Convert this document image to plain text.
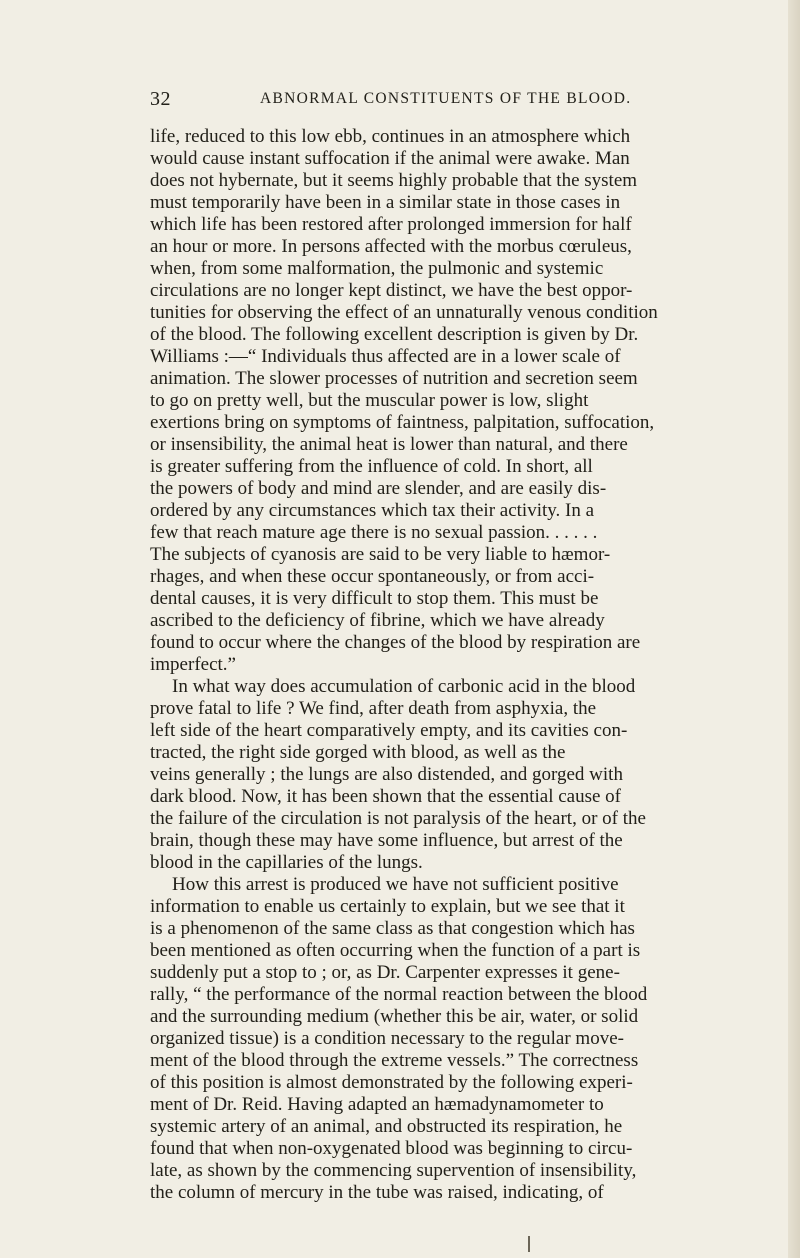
32	ABNORMAL CONSTITUENTS OF THE BLOOD.
life, reduced to this low ebb, continues in an atmosphere which
would cause instant suffocation if the animal were awake. Man
does not hybernate, but it seems highly probable that the system
must temporarily have been in a similar state in those cases in
which life has been restored after prolonged immersion for half
an hour or more. In persons affected with the morbus cœruleus,
when, from some malformation, the pulmonic and systemic
circulations are no longer kept distinct, we have the best oppor-
tunities for observing the effect of an unnaturally venous condition
of the blood. The following excellent description is given by Dr.
Williams :—“ Individuals thus affected are in a lower scale of
animation. The slower processes of nutrition and secretion seem
to go on pretty well, but the muscular power is low, slight
exertions bring on symptoms of faintness, palpitation, suffocation,
or insensibility, the animal heat is lower than natural, and there
is greater suffering from the influence of cold. In short, all
the powers of body and mind are slender, and are easily dis-
ordered by any circumstances which tax their activity. In a
few that reach mature age there is no sexual passion. . . . . .
The subjects of cyanosis are said to be very liable to hæmor-
rhages, and when these occur spontaneously, or from acci-
dental causes, it is very difficult to stop them. This must be
ascribed to the deficiency of fibrine, which we have already
found to occur where the changes of the blood by respiration are
imperfect.”
In what way does accumulation of carbonic acid in the blood
prove fatal to life ? We find, after death from asphyxia, the
left side of the heart comparatively empty, and its cavities con-
tracted, the right side gorged with blood, as well as the
veins generally ; the lungs are also distended, and gorged with
dark blood. Now, it has been shown that the essential cause of
the failure of the circulation is not paralysis of the heart, or of the
brain, though these may have some influence, but arrest of the
blood in the capillaries of the lungs.
How this arrest is produced we have not sufficient positive
information to enable us certainly to explain, but we see that it
is a phenomenon of the same class as that congestion which has
been mentioned as often occurring when the function of a part is
suddenly put a stop to ; or, as Dr. Carpenter expresses it gene-
rally, “ the performance of the normal reaction between the blood
and the surrounding medium (whether this be air, water, or solid
organized tissue) is a condition necessary to the regular move-
ment of the blood through the extreme vessels.” The correctness
of this position is almost demonstrated by the following experi-
ment of Dr. Reid. Having adapted an hæmadynamometer to
systemic artery of an animal, and obstructed its respiration, he
found that when non-oxygenated blood was beginning to circu-
late, as shown by the commencing supervention of insensibility,
the column of mercury in the tube was raised, indicating, of
